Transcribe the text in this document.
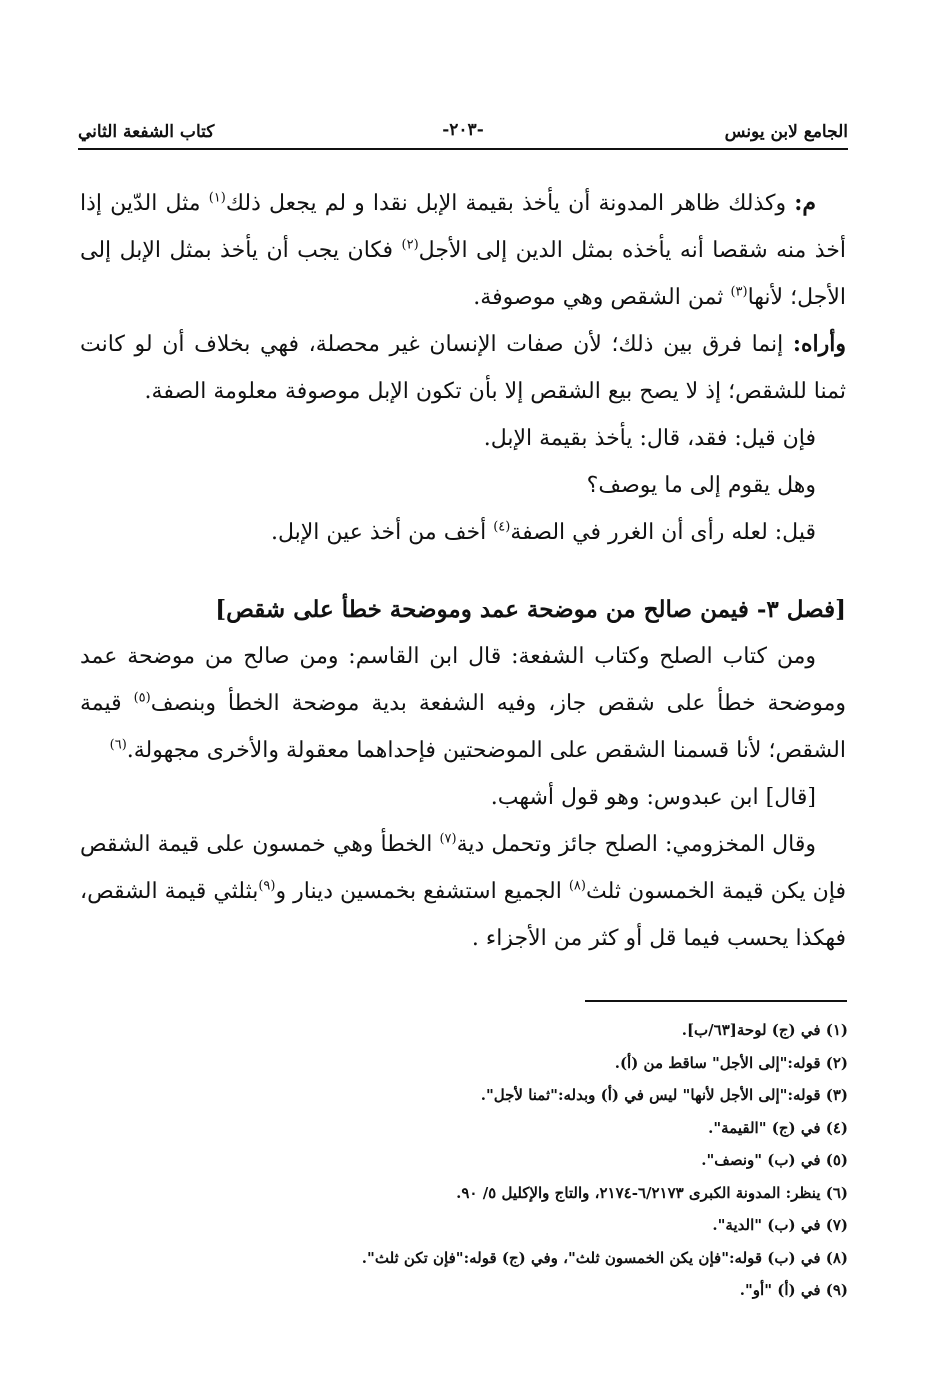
الجامع لابن يونس
-٢٠٣-
كتاب الشفعة الثاني

م: وكذلك ظاهر المدونة أن يأخذ بقيمة الإبل نقدا و لم يجعل ذلك$^{(١)}$ مثل الدّين إذا أخذ منه شقصا أنه يأخذه بمثل الدين إلى الأجل$^{(٢)}$ فكان يجب أن يأخذ بمثل الإبل إلى الأجل؛ لأنها$^{(٣)}$ ثمن الشقص وهي موصوفة.

وأراه: إنما فرق بين ذلك؛ لأن صفات الإنسان غير محصلة، فهي بخلاف أن لو كانت ثمنا للشقص؛ إذ لا يصح بيع الشقص إلا بأن تكون الإبل موصوفة معلومة الصفة.

فإن قيل: فقد، قال: يأخذ بقيمة الإبل.

وهل يقوم إلى ما يوصف؟

قيل: لعله رأى أن الغرر في الصفة$^{(٤)}$ أخف من أخذ عين الإبل.

[فصل ٣- فيمن صالح من موضحة عمد وموضحة خطأ على شقص]

ومن كتاب الصلح وكتاب الشفعة: قال ابن القاسم: ومن صالح من موضحة عمد وموضحة خطأ على شقص جاز، وفيه الشفعة بدية موضحة الخطأ وبنصف$^{(٥)}$ قيمة الشقص؛ لأنا قسمنا الشقص على الموضحتين فإحداهما معقولة والأخرى مجهولة.$^{(٦)}$

[قال] ابن عبدوس: وهو قول أشهب.

وقال المخزومي: الصلح جائز وتحمل دية$^{(٧)}$ الخطأ وهي خمسون على قيمة الشقص فإن يكن قيمة الخمسون ثلث$^{(٨)}$ الجميع استشفع بخمسين دينار و$^{(٩)}$بثلثي قيمة الشقص، فهكذا يحسب فيما قل أو كثر من الأجزاء .

(١) في (ج) لوحة[٦٣/ب].

(٢) قوله:"إلى الأجل" ساقط من (أ).

(٣) قوله:"إلى الأجل لأنها" ليس في (أ) وبدله:"ثمنا لأجل".

(٤) في (ج) "القيمة".

(٥) في (ب) "ونصف".

(٦) ينظر: المدونة الكبرى ٦/٢١٧٣-٢١٧٤، والتاج والإكليل ٥/ ٩٠.

(٧) في (ب) "الدية".

(٨) في (ب) قوله:"فإن يكن الخمسون ثلث"، وفي (ج) قوله:"فإن تكن ثلث".

(٩) في (أ) "أو".
